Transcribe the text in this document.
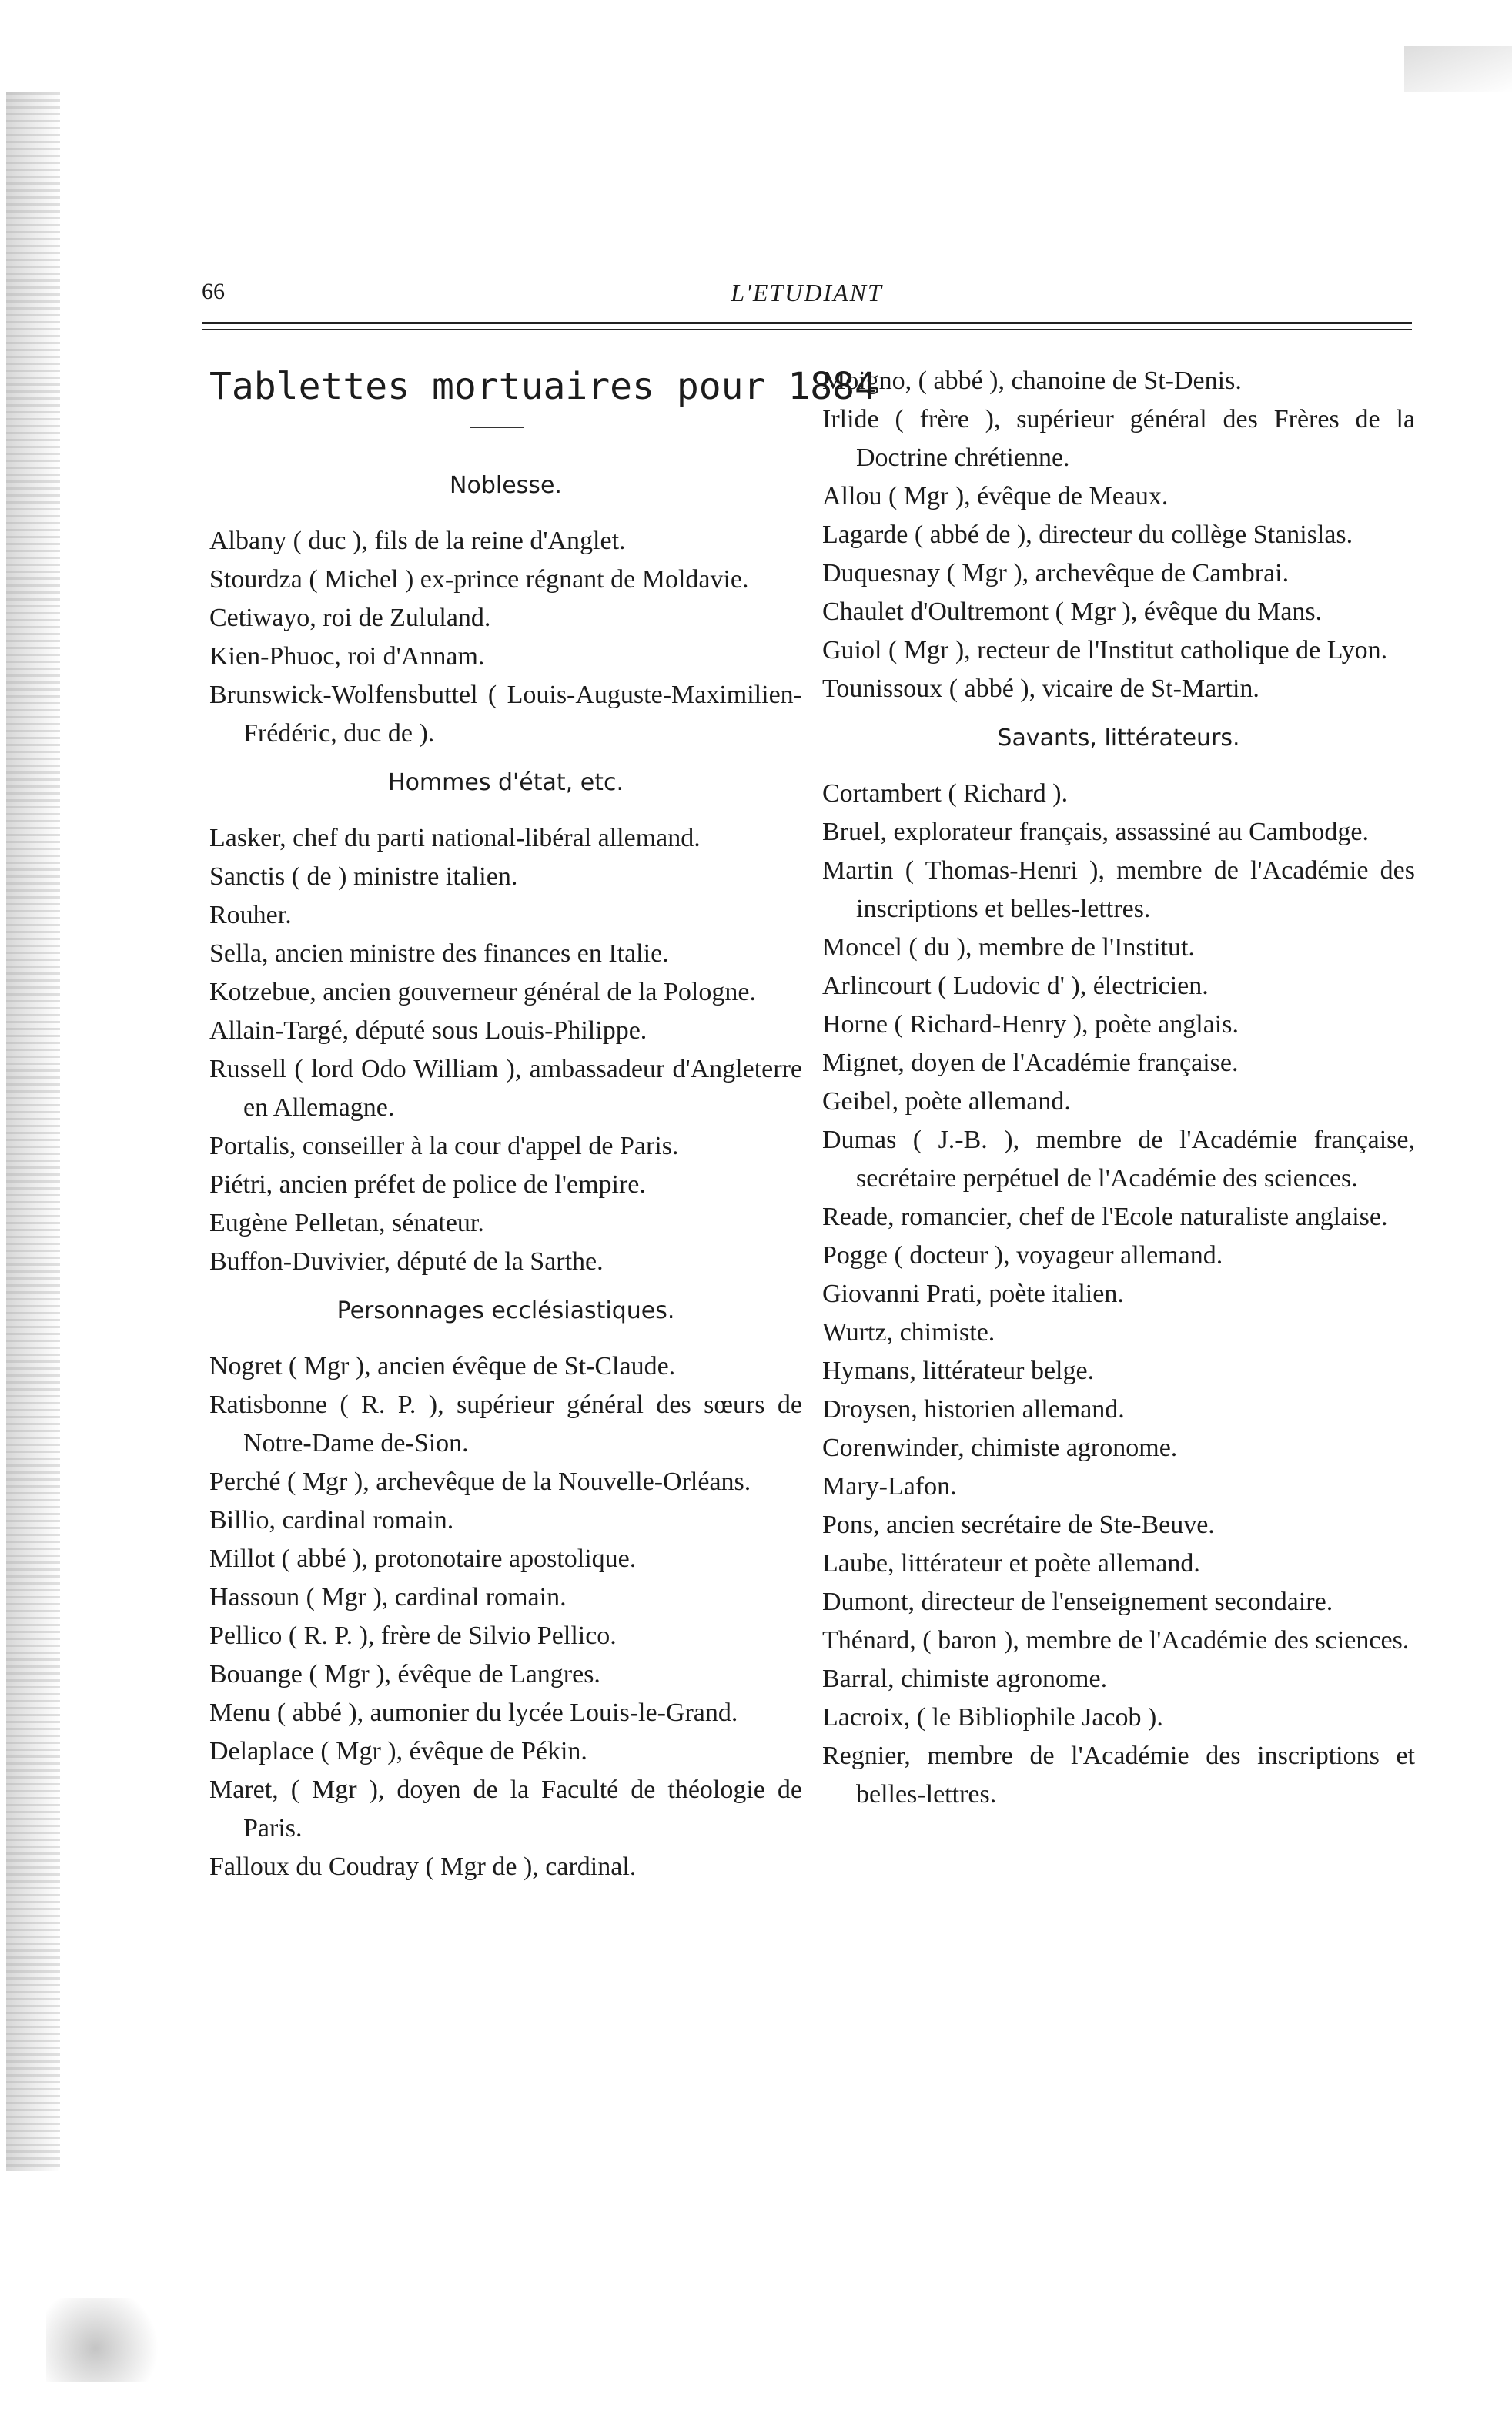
66	L'ETUDIANT
Tablettes mortuaires pour 1884
Noblesse.

Albany ( duc ), fils de la reine d'Anglet.

Stourdza ( Michel ) ex-prince régnant de Moldavie.

Cetiwayo, roi de Zululand.

Kien-Phuoc, roi d'Annam.

Brunswick-Wolfensbuttel ( Louis-Auguste-Maximilien-Frédéric, duc de ).

Hommes d'état, etc.

Lasker, chef du parti national-libéral allemand.

Sanctis ( de ) ministre italien.

Rouher.

Sella, ancien ministre des finances en Italie.

Kotzebue, ancien gouverneur général de la Pologne.

Allain-Targé, député sous Louis-Philippe.

Russell ( lord Odo William ), ambassadeur d'Angleterre en Allemagne.

Portalis, conseiller à la cour d'appel de Paris.

Piétri, ancien préfet de police de l'empire.

Eugène Pelletan, sénateur.

Buffon-Duvivier, député de la Sarthe.

Personnages ecclésiastiques.

Nogret ( Mgr ), ancien évêque de St-Claude.

Ratisbonne ( R. P. ), supérieur général des sœurs de Notre-Dame de-Sion.

Perché ( Mgr ), archevêque de la Nouvelle-Orléans.

Billio, cardinal romain.

Millot ( abbé ), protonotaire apostolique.

Hassoun ( Mgr ), cardinal romain.

Pellico ( R. P. ), frère de Silvio Pellico.

Bouange ( Mgr ), évêque de Langres.

Menu ( abbé ), aumonier du lycée Louis-le-Grand.

Delaplace ( Mgr ), évêque de Pékin.

Maret, ( Mgr ), doyen de la Faculté de théologie de Paris.

Falloux du Coudray ( Mgr de ), cardinal.

Moigno, ( abbé ), chanoine de St-Denis.

Irlide ( frère ), supérieur général des Frères de la Doctrine chrétienne.

Allou ( Mgr ), évêque de Meaux.

Lagarde ( abbé de ), directeur du collège Stanislas.

Duquesnay ( Mgr ), archevêque de Cambrai.

Chaulet d'Oultremont ( Mgr ), évêque du Mans.

Guiol ( Mgr ), recteur de l'Institut catholique de Lyon.

Tounissoux ( abbé ), vicaire de St-Martin.

Savants, littérateurs.

Cortambert ( Richard ).

Bruel, explorateur français, assassiné au Cambodge.

Martin ( Thomas-Henri ), membre de l'Académie des inscriptions et belles-lettres.

Moncel ( du ), membre de l'Institut.

Arlincourt ( Ludovic d' ), électricien.

Horne ( Richard-Henry ), poète anglais.

Mignet, doyen de l'Académie française.

Geibel, poète allemand.

Dumas ( J.-B. ), membre de l'Académie française, secrétaire perpétuel de l'Académie des sciences.

Reade, romancier, chef de l'Ecole naturaliste anglaise.

Pogge ( docteur ), voyageur allemand.

Giovanni Prati, poète italien.

Wurtz, chimiste.

Hymans, littérateur belge.

Droysen, historien allemand.

Corenwinder, chimiste agronome.

Mary-Lafon.

Pons, ancien secrétaire de Ste-Beuve.

Laube, littérateur et poète allemand.

Dumont, directeur de l'enseignement secondaire.

Thénard, ( baron ), membre de l'Académie des sciences.

Barral, chimiste agronome.

Lacroix, ( le Bibliophile Jacob ).

Regnier, membre de l'Académie des inscriptions et belles-lettres.
